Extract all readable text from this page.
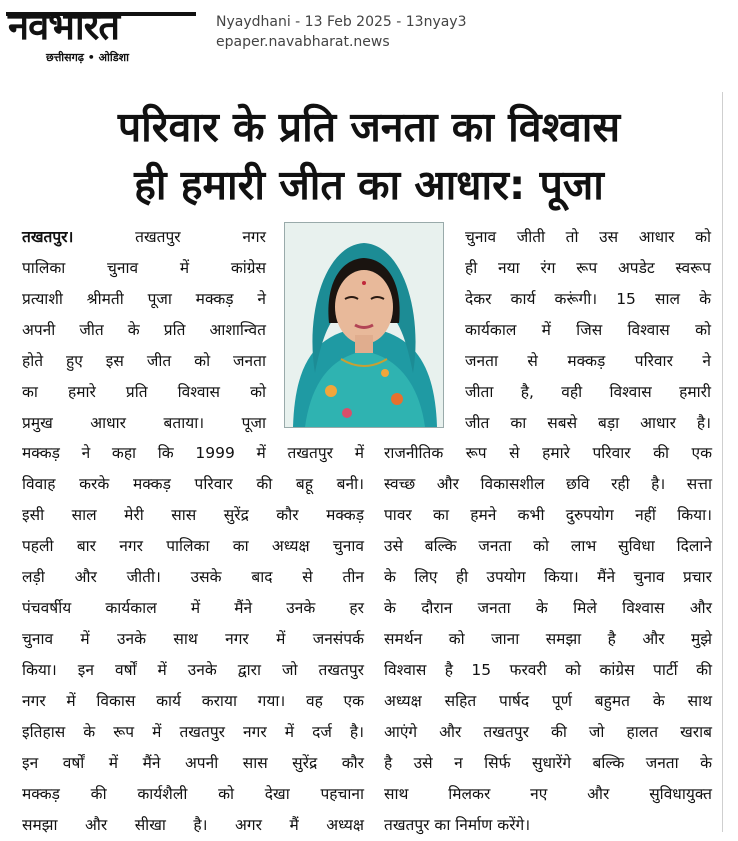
नवभारत
छत्तीसगढ़ • ओडिशा
Nyaydhani - 13 Feb 2025 - 13nyay3
epaper.navabharat.news
परिवार के प्रति जनता का विश्वास
ही हमारी जीत का आधार: पूजा
तखतपुर।	तखतपुर नगर
पालिका चुनाव में कांग्रेस
प्रत्याशी श्रीमती पूजा मक्कड़ ने
अपनी जीत के प्रति आशान्वित
होते हुए इस जीत को जनता
का हमारे प्रति विश्वास को
प्रमुख आधार बताया। पूजा
मक्कड़ ने कहा कि 1999 में तखतपुर में
विवाह करके मक्कड़ परिवार की बहू बनी।
इसी साल मेरी सास सुरेंद्र कौर मक्कड़
पहली बार नगर पालिका का अध्यक्ष चुनाव
लड़ी और जीती। उसके बाद से तीन
पंचवर्षीय कार्यकाल में मैंने उनके हर
चुनाव में उनके साथ नगर में जनसंपर्क
किया। इन वर्षों में उनके द्वारा जो तखतपुर
नगर में विकास कार्य कराया गया। वह एक
इतिहास के रूप में तखतपुर नगर में दर्ज है।
इन वर्षों में मैंने अपनी सास सुरेंद्र कौर
मक्कड़ की कार्यशैली को देखा पहचाना
समझा और सीखा है। अगर मैं अध्यक्ष
चुनाव जीती तो उस आधार को
ही नया रंग रूप अपडेट स्वरूप
देकर कार्य करूंगी। 15 साल के
कार्यकाल में जिस विश्वास को
जनता से मक्कड़ परिवार ने
जीता है, वही विश्वास हमारी
जीत का सबसे बड़ा आधार है।
राजनीतिक रूप से हमारे परिवार की एक
स्वच्छ और विकासशील छवि रही है। सत्ता
पावर का हमने कभी दुरुपयोग नहीं किया।
उसे बल्कि जनता को लाभ सुविधा दिलाने
के लिए ही उपयोग किया। मैंने चुनाव प्रचार
के दौरान जनता के मिले विश्वास और
समर्थन को जाना समझा है और मुझे
विश्वास है 15 फरवरी को कांग्रेस पार्टी की
अध्यक्ष सहित पार्षद पूर्ण बहुमत के साथ
आएंगे और तखतपुर की जो हालत खराब
है उसे न सिर्फ सुधारेंगे बल्कि जनता के
साथ मिलकर नए और सुविधायुक्त
तखतपुर का निर्माण करेंगे।
